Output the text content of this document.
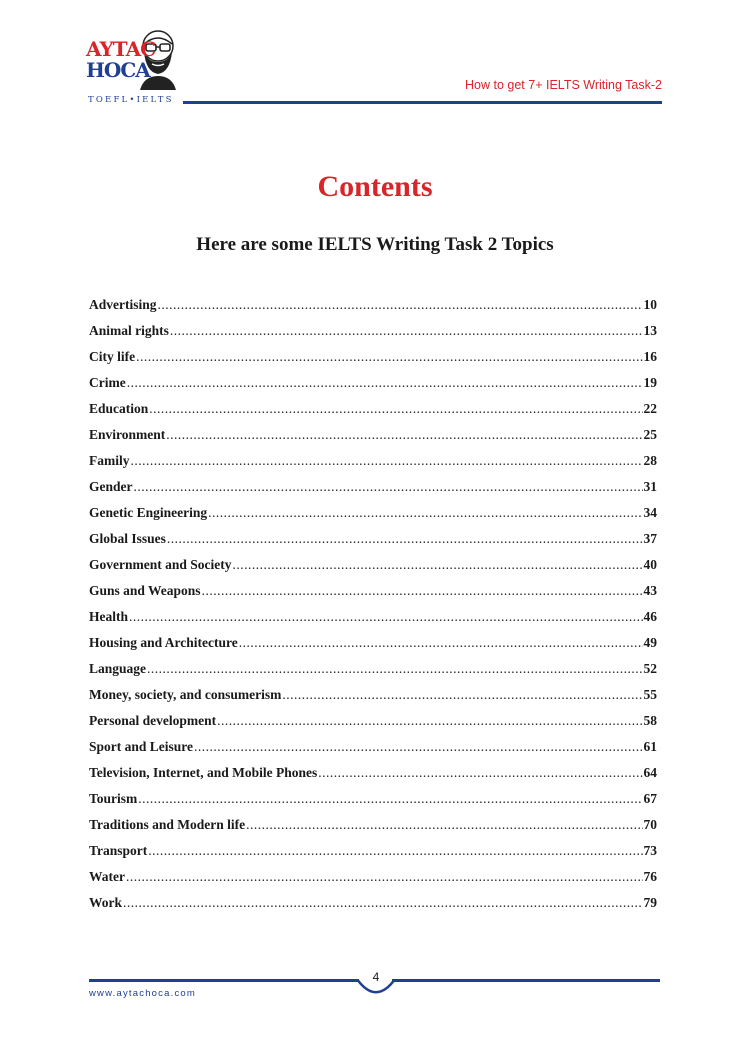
AYTAC
HOCA
TOEFL•IELTS
How to get 7+ IELTS Writing Task-2
Contents
Here are some IELTS Writing Task 2 Topics
Advertising .....	10
Animal rights .....	13
City life .....	16
Crime .....	19
Education .....	22
Environment .....	25
Family .....	28
Gender .....	31
Genetic Engineering .....	34
Global Issues .....	37
Government and Society .....	40
Guns and Weapons .....	43
Health .....	46
Housing and Architecture .....	49
Language .....	52
Money, society, and consumerism .....	55
Personal development .....	58
Sport and Leisure .....	61
Television, Internet, and Mobile Phones .....	64
Tourism .....	67
Traditions and Modern life .....	70
Transport .....	73
Water .....	76
Work .....	79
4
www.aytachoca.com
